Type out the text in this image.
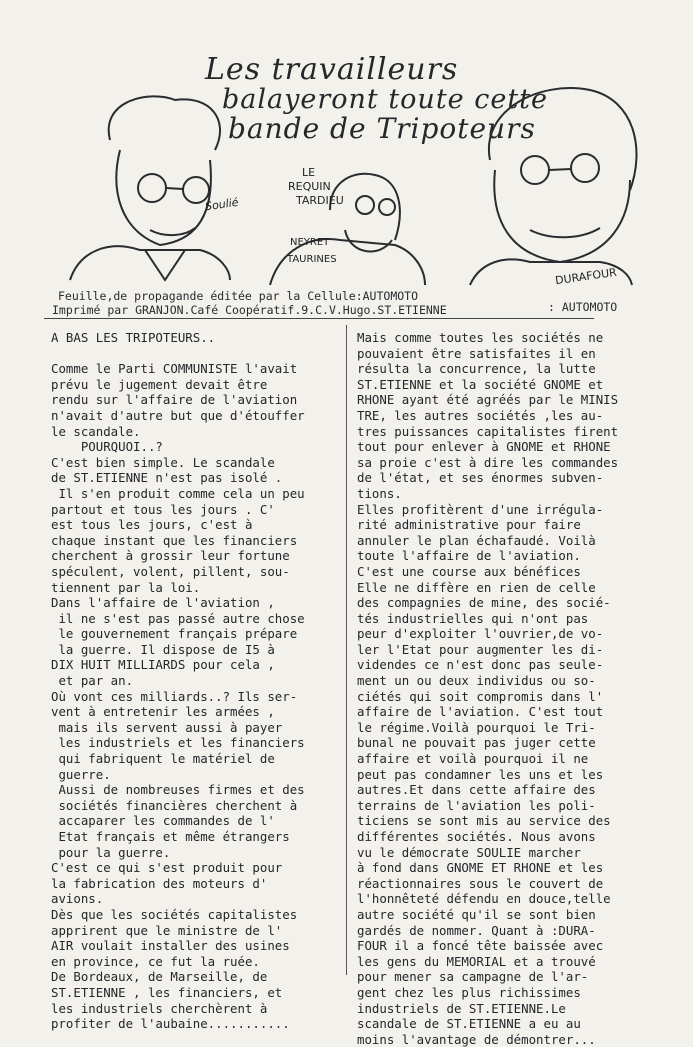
Les travailleurs
balayeront toute cette
bande de Tripoteurs
Soulié
LE
REQUIN
TARDIEU
NEYRET
TAURINES
DURAFOUR
Feuille,de propagande éditée par la Cellule:AUTOMOTO
Imprimé par GRANJON.Café Coopératif.9.C.V.Hugo.ST.ETIENNE	: AUTOMOTO
A BAS LES TRIPOTEURS..

Comme le Parti COMMUNISTE l'avait
prévu le jugement devait être
rendu sur l'affaire de l'aviation
n'avait d'autre but que d'étouffer
le scandale.
POURQUOI..?
C'est bien simple. Le scandale
de ST.ETIENNE n'est pas isolé .
Il s'en produit comme cela un peu
partout et tous les jours . C'
est tous les jours, c'est à
chaque instant que les financiers
cherchent à grossir leur fortune
spéculent, volent, pillent, sou-
tiennent par la loi.
Dans l'affaire de l'aviation ,
il ne s'est pas passé autre chose
le gouvernement français prépare
la guerre. Il dispose de I5 à
DIX HUIT MILLIARDS pour cela ,
et par an.
Où vont ces milliards..? Ils ser-
vent à entretenir les armées ,
mais ils servent aussi à payer
les industriels et les financiers
qui fabriquent le matériel de
guerre.
Aussi de nombreuses firmes et des
sociétés financières cherchent à
accaparer les commandes de l'
Etat français et même étrangers
pour la guerre.
C'est ce qui s'est produit pour
la fabrication des moteurs d'
avions.
Dès que les sociétés capitalistes
apprirent que le ministre de l'
AIR voulait installer des usines
en province, ce fut la ruée.
De Bordeaux, de Marseille, de
ST.ETIENNE , les financiers, et
les industriels cherchèrent à
profiter de l'aubaine...........
Mais comme toutes les sociétés ne
pouvaient être satisfaites il en
résulta la concurrence, la lutte
ST.ETIENNE et la société GNOME et
RHONE ayant été agréés par le MINIS
TRE, les autres sociétés ,les au-
tres puissances capitalistes firent
tout pour enlever à GNOME et RHONE
sa proie c'est à dire les commandes
de l'état, et ses énormes subven-
tions.
Elles profitèrent d'une irrégula-
rité administrative pour faire
annuler le plan échafaudé. Voilà
toute l'affaire de l'aviation.
C'est une course aux bénéfices
Elle ne diffère en rien de celle
des compagnies de mine, des socié-
tés industrielles qui n'ont pas
peur d'exploiter l'ouvrier,de vo-
ler l'Etat pour augmenter les di-
videndes ce n'est donc pas seule-
ment un ou deux individus ou so-
ciétés qui soit compromis dans l'
affaire de l'aviation. C'est tout
le régime.Voilà pourquoi le Tri-
bunal ne pouvait pas juger cette
affaire et voilà pourquoi il ne
peut pas condamner les uns et les
autres.Et dans cette affaire des
terrains de l'aviation les poli-
ticiens se sont mis au service des
différentes sociétés. Nous avons
vu le démocrate SOULIE marcher
à fond dans GNOME ET RHONE et les
réactionnaires sous le couvert de
l'honnêteté défendu en douce,telle
autre société qu'il se sont bien
gardés de nommer. Quant à :DURA-
FOUR il a foncé tête baissée avec
les gens du MEMORIAL et a trouvé
pour mener sa campagne de l'ar-
gent chez les plus richissimes
industriels de ST.ETIENNE.Le
scandale de ST.ETIENNE a eu au
moins l'avantage de démontrer...
